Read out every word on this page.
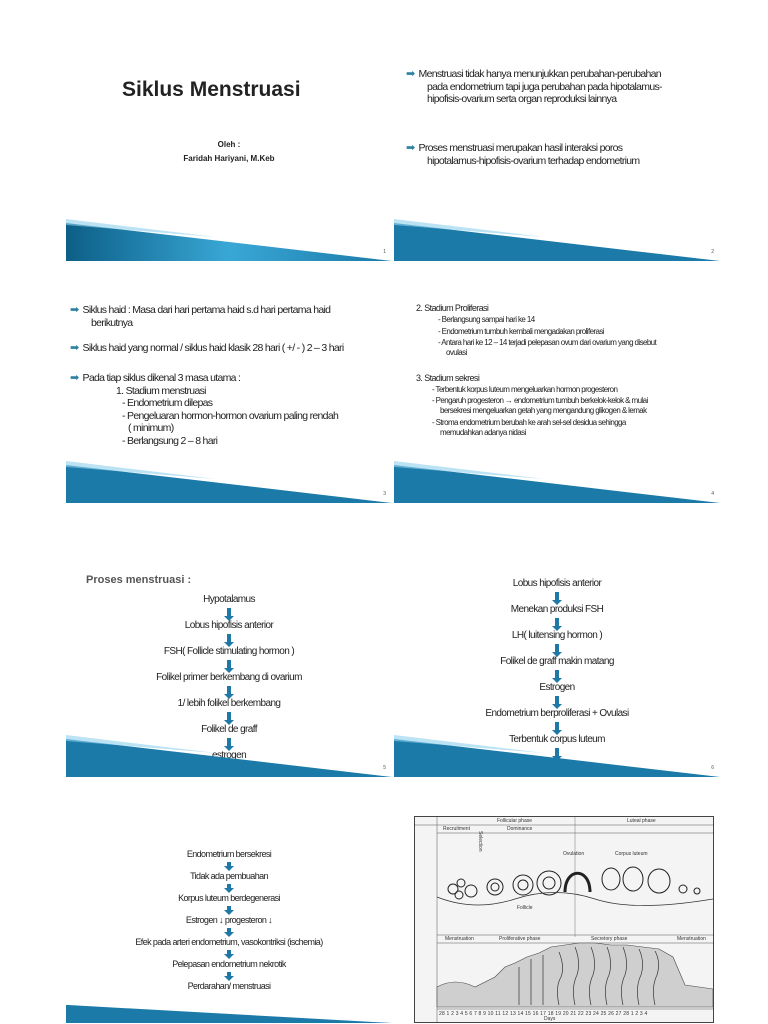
Siklus Menstruasi
Oleh :
Faridah Hariyani, M.Keb
1
➡ Menstruasi tidak hanya menunjukkan perubahan-perubahan
pada endometrium tapi juga perubahan pada hipotalamus-
hipofisis-ovarium serta organ reproduksi lainnya
➡ Proses menstruasi merupakan hasil interaksi poros
hipotalamus-hipofisis-ovarium terhadap endometrium
2
➡ Siklus haid : Masa dari hari pertama haid s.d hari pertama haid
berikutnya
➡ Siklus haid yang normal / siklus haid klasik 28 hari ( +/ - ) 2 – 3 hari
➡ Pada tiap siklus dikenal 3 masa utama :
1. Stadium menstruasi
- Endometrium dilepas
- Pengeluaran hormon-hormon ovarium paling rendah
( minimum)
- Berlangsung 2 – 8 hari
3
2. Stadium Proliferasi
- Berlangsung sampai hari ke 14
- Endometrium tumbuh kembali mengadakan proliferasi
- Antara hari ke 12 – 14 terjadi pelepasan ovum dari ovarium yang disebut
ovulasi
3. Stadium sekresi
- Terbentuk korpus luteum mengeluarkan hormon progesteron
- Pengaruh progesteron → endometrium tumbuh berkelok-kelok & mulai
bersekresi mengeluarkan getah yang mengandung glikogen & lemak
- Stroma endometrium berubah ke arah sel-sel desidua sehingga
memudahkan adanya nidasi
4
Proses menstruasi :
Hypotalamus
Lobus hipofisis anterior
FSH( Follicle stimulating hormon )
Folikel primer berkembang di ovarium
1/ lebih folikel berkembang
Folikel de graff
estrogen
5
Lobus hipofisis anterior
Menekan produksi FSH
LH( luitensing hormon )
Folikel de graff makin matang
Estrogen
Endometrium berproliferasi + Ovulasi
Terbentuk corpus luteum
6
Endometrium bersekresi
Tidak ada pembuahan
Korpus luteum berdegenerasi
Estrogen ↓ progesteron ↓
Efek pada arteri endometrium, vasokontriksi (ischemia)
Pelepasan endometrium nekrotik
Perdarahan/ menstruasi
Follicular phase	Luteal phase
Recruitment
Selection
Dominance
Ovulation	Corpus luteum
Follicle
Menstruation	Proliferative phase	Secretory phase	Menstruation
28 1 2 3 4 5 6 7 8 9 10 11 12 13 14 15 16 17 18 19 20 21 22 23 24 25 26 27 28 1 2 3 4
Days
